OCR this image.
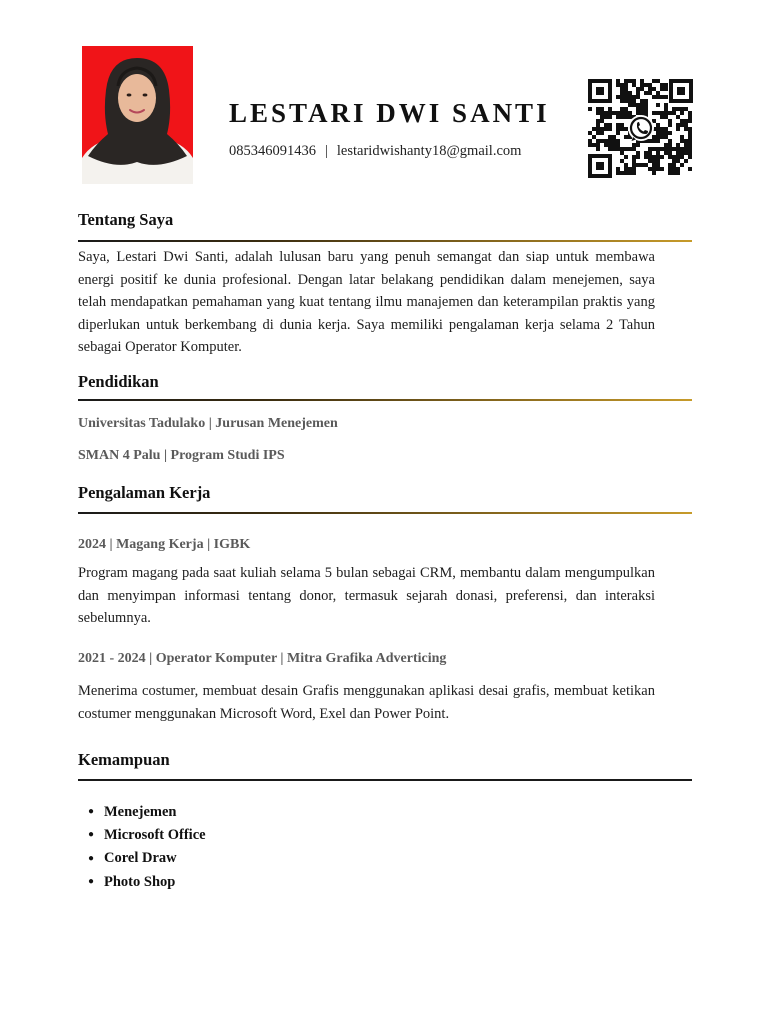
LESTARI DWI SANTI
085346091436 | lestaridwishanty18@gmail.com
Tentang Saya
Saya, Lestari Dwi Santi, adalah lulusan baru yang penuh semangat dan siap untuk membawa energi positif ke dunia profesional. Dengan latar belakang pendidikan dalam menejemen, saya telah mendapatkan pemahaman yang kuat tentang ilmu manajemen dan keterampilan praktis yang diperlukan untuk berkembang di dunia kerja. Saya memiliki pengalaman kerja selama 2 Tahun sebagai Operator Komputer.
Pendidikan
Universitas Tadulako | Jurusan Menejemen
SMAN 4 Palu | Program Studi IPS
Pengalaman Kerja
2024 | Magang Kerja | IGBK
Program magang pada saat kuliah selama 5 bulan sebagai CRM, membantu dalam mengumpulkan dan menyimpan informasi tentang donor, termasuk sejarah donasi, preferensi, dan interaksi sebelumnya.
2021 - 2024 | Operator Komputer | Mitra Grafika Adverticing
Menerima costumer, membuat desain Grafis menggunakan aplikasi desai grafis, membuat ketikan costumer menggunakan Microsoft Word, Exel dan Power Point.
Kemampuan
● Menejemen
● Microsoft Office
● Corel Draw
● Photo Shop
